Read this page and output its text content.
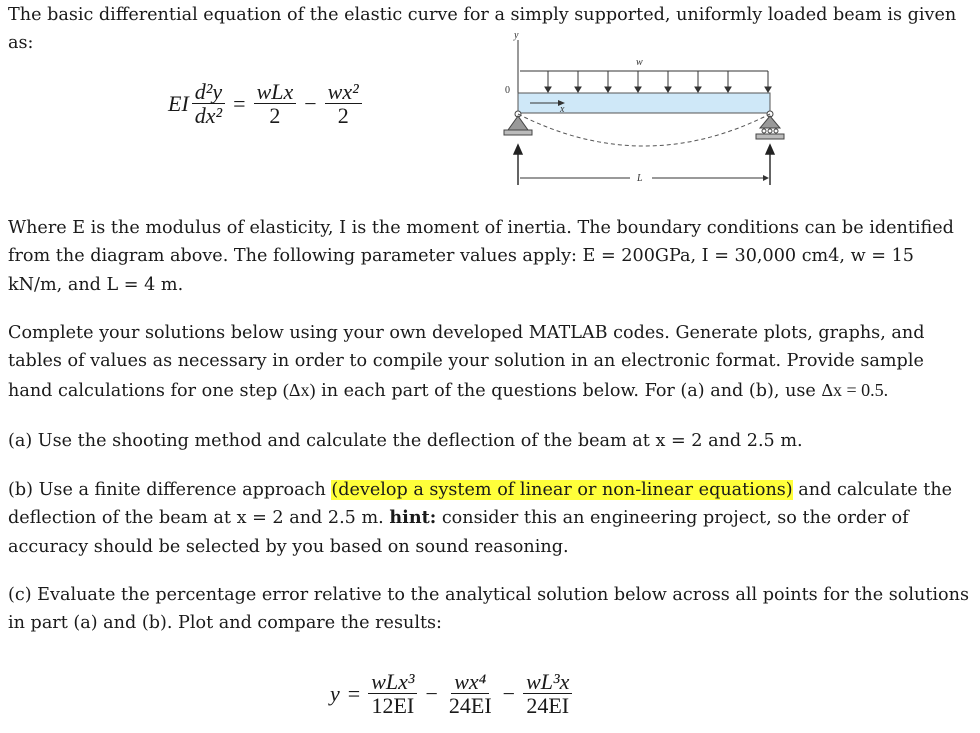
The basic differential equation of the elastic curve for a simply supported, uniformly loaded beam is given as:

EI $\frac{\text{d²y}}{\text{dx²}} = \frac{\text{wLx}}{2} - \frac{\text{wx²}}{2}$
y
0
w
x
L

Where E is the modulus of elasticity, I is the moment of inertia. The boundary conditions can be identified from the diagram above. The following parameter values apply: E = 200GPa, I = 30,000 cm4, w = 15 kN/m, and L = 4 m.

Complete your solutions below using your own developed MATLAB codes. Generate plots, graphs, and tables of values as necessary in order to compile your solution in an electronic format. Provide sample hand calculations for one step (Δx) in each part of the questions below. For (a) and (b), use Δx = 0.5.

(a) Use the shooting method and calculate the deflection of the beam at x = 2 and 2.5 m.

(b) Use a finite difference approach (develop a system of linear or non-linear equations) and calculate the deflection of the beam at x = 2 and 2.5 m. hint: consider this an engineering project, so the order of accuracy should be selected by you based on sound reasoning.

(c) Evaluate the percentage error relative to the analytical solution below across all points for the solutions in part (a) and (b). Plot and compare the results:

$y = \frac{\text{wLx³}}{12EI} - \frac{\text{wx⁴}}{24EI} - \frac{\text{wL³x}}{24EI}$
